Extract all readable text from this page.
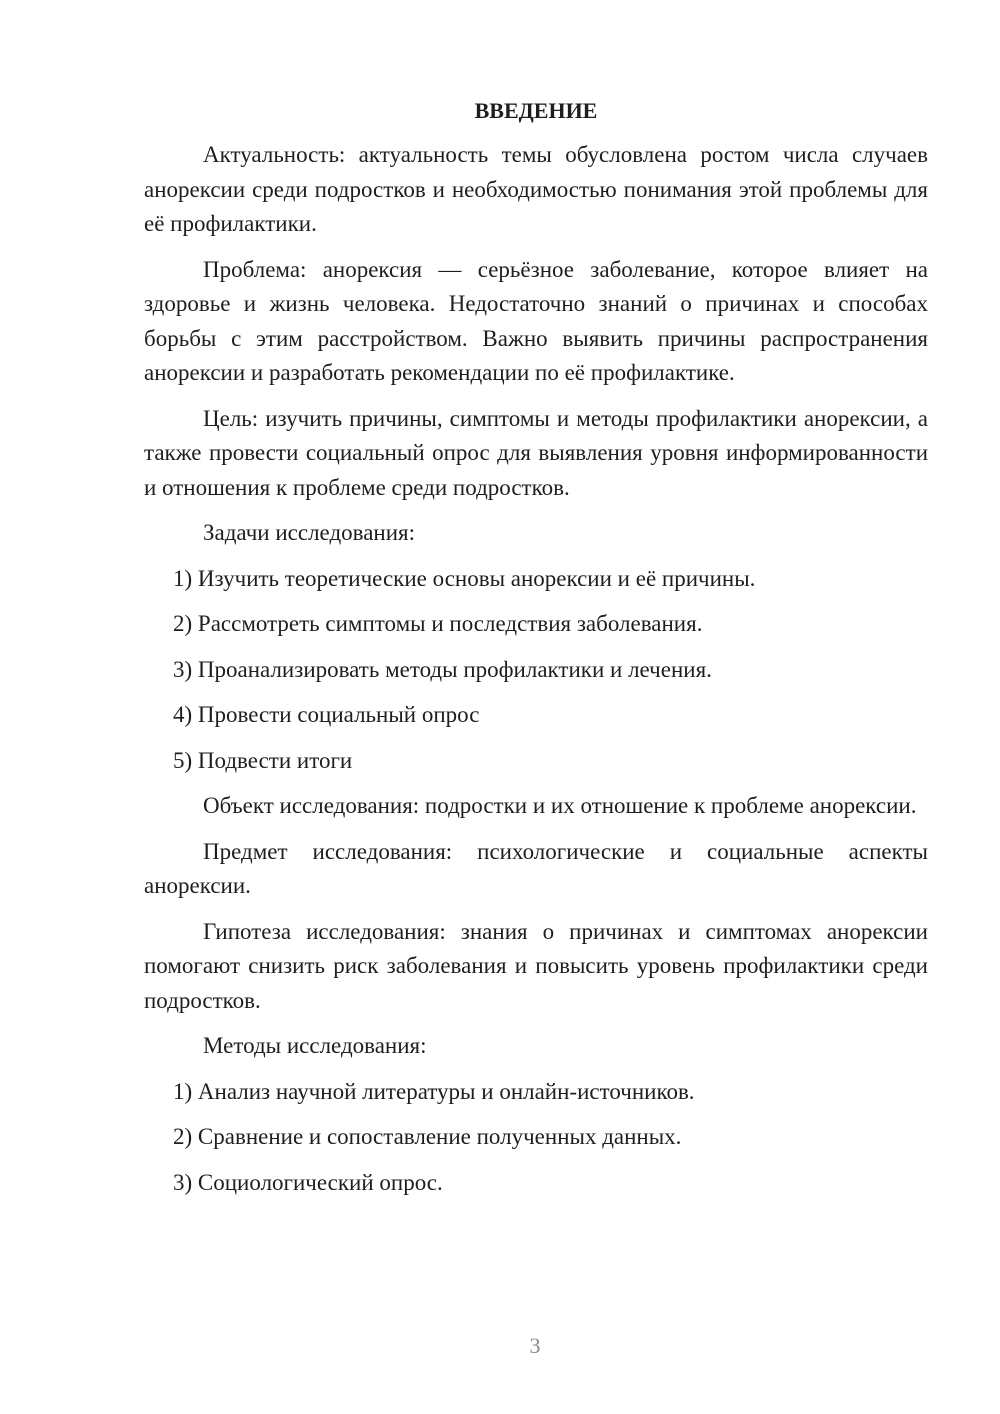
ВВЕДЕНИЕ

Актуальность: актуальность темы обусловлена ростом числа случаев анорексии среди подростков и необходимостью понимания этой проблемы для её профилактики.

Проблема: анорексия — серьёзное заболевание, которое влияет на здоровье и жизнь человека. Недостаточно знаний о причинах и способах борьбы с этим расстройством. Важно выявить причины распространения анорексии и разработать рекомендации по её профилактике.

Цель: изучить причины, симптомы и методы профилактики анорексии, а также провести социальный опрос для выявления уровня информированности и отношения к проблеме среди подростков.

Задачи исследования:

1) Изучить теоретические основы анорексии и её причины.
2) Рассмотреть симптомы и последствия заболевания.
3) Проанализировать методы профилактики и лечения.
4) Провести социальный опрос
5) Подвести итоги

Объект исследования: подростки и их отношение к проблеме анорексии.

Предмет исследования: психологические и социальные аспекты анорексии.

Гипотеза исследования: знания о причинах и симптомах анорексии помогают снизить риск заболевания и повысить уровень профилактики среди подростков.

Методы исследования:

1) Анализ научной литературы и онлайн-источников.
2) Сравнение и сопоставление полученных данных.
3) Социологический опрос.
3
